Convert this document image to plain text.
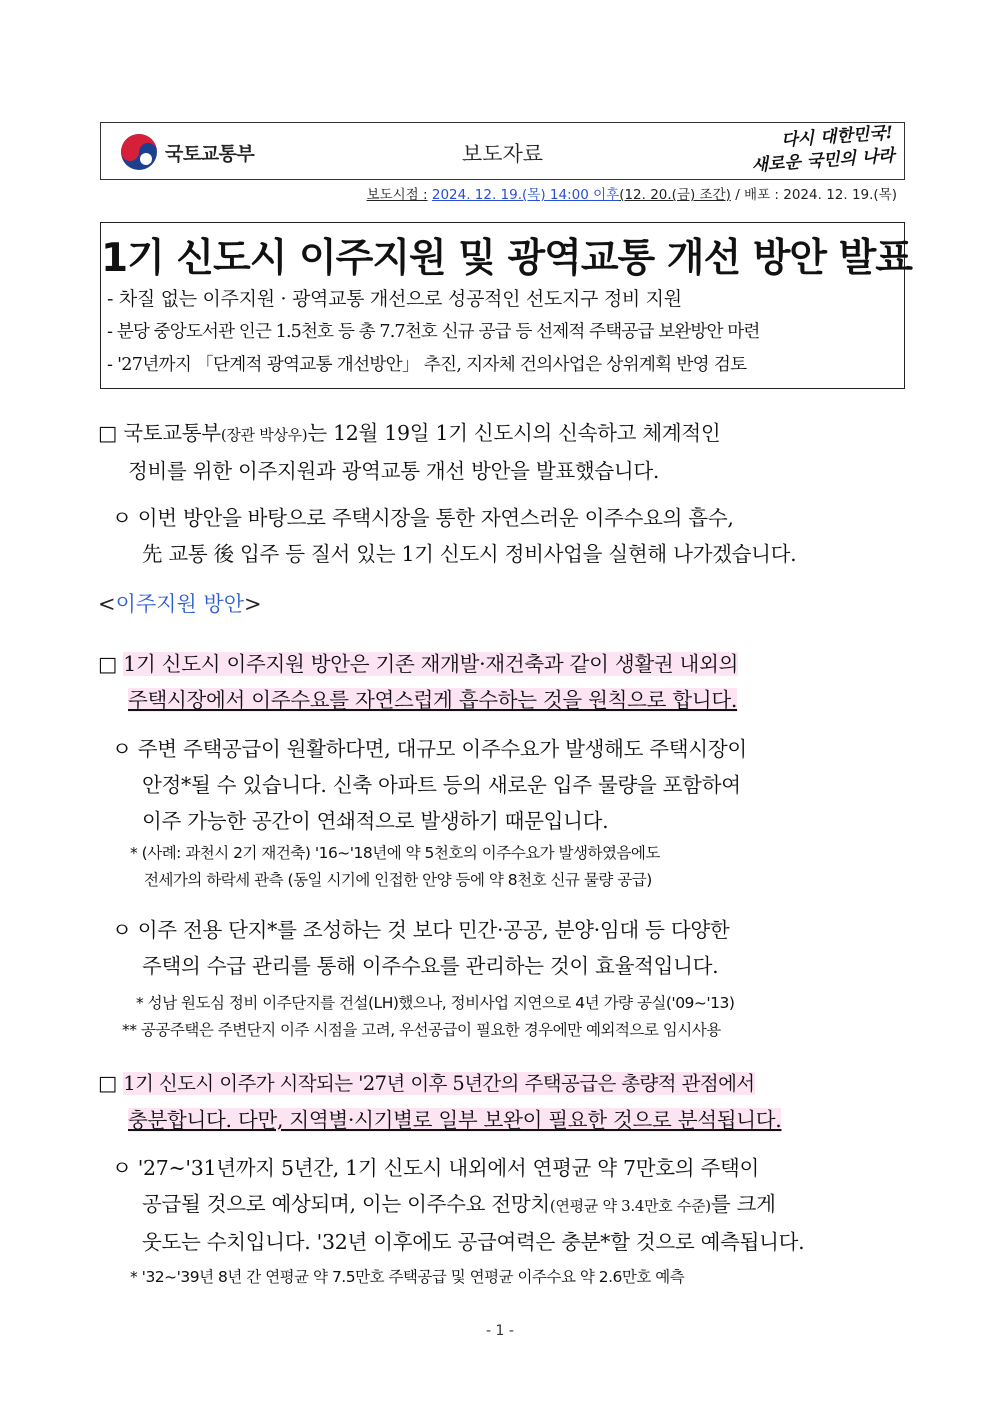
국토교통부	보도자료
다시 대한민국!
새로운 국민의 나라
보도시점 : 2024. 12. 19.(목) 14:00 이후(12. 20.(금) 조간) / 배포 : 2024. 12. 19.(목)
1기 신도시 이주지원 및 광역교통 개선 방안 발표
- 차질 없는 이주지원 · 광역교통 개선으로 성공적인 선도지구 정비 지원
- 분당 중앙도서관 인근 1.5천호 등 총 7.7천호 신규 공급 등 선제적 주택공급 보완방안 마련
- '27년까지 「단계적 광역교통 개선방안」 추진, 지자체 건의사업은 상위계획 반영 검토
□ 국토교통부(장관 박상우)는 12월 19일 1기 신도시의 신속하고 체계적인
정비를 위한 이주지원과 광역교통 개선 방안을 발표했습니다.
ㅇ 이번 방안을 바탕으로 주택시장을 통한 자연스러운 이주수요의 흡수,
先 교통 後 입주 등 질서 있는 1기 신도시 정비사업을 실현해 나가겠습니다.
<이주지원 방안>
□ 1기 신도시 이주지원 방안은 기존 재개발·재건축과 같이 생활권 내외의
주택시장에서 이주수요를 자연스럽게 흡수하는 것을 원칙으로 합니다.
ㅇ 주변 주택공급이 원활하다면, 대규모 이주수요가 발생해도 주택시장이
안정*될 수 있습니다. 신축 아파트 등의 새로운 입주 물량을 포함하여
이주 가능한 공간이 연쇄적으로 발생하기 때문입니다.
* (사례: 과천시 2기 재건축) '16~'18년에 약 5천호의 이주수요가 발생하였음에도
전세가의 하락세 관측 (동일 시기에 인접한 안양 등에 약 8천호 신규 물량 공급)
ㅇ 이주 전용 단지*를 조성하는 것 보다 민간·공공, 분양·임대 등 다양한
주택의 수급 관리를 통해 이주수요를 관리하는 것이 효율적입니다.
* 성남 원도심 정비 이주단지를 건설(LH)했으나, 정비사업 지연으로 4년 가량 공실('09~'13)
** 공공주택은 주변단지 이주 시점을 고려, 우선공급이 필요한 경우에만 예외적으로 임시사용
□ 1기 신도시 이주가 시작되는 '27년 이후 5년간의 주택공급은 총량적 관점에서
충분합니다. 다만, 지역별·시기별로 일부 보완이 필요한 것으로 분석됩니다.
ㅇ '27~'31년까지 5년간, 1기 신도시 내외에서 연평균 약 7만호의 주택이
공급될 것으로 예상되며, 이는 이주수요 전망치(연평균 약 3.4만호 수준)를 크게
웃도는 수치입니다. '32년 이후에도 공급여력은 충분*할 것으로 예측됩니다.
* '32~'39년 8년 간 연평균 약 7.5만호 주택공급 및 연평균 이주수요 약 2.6만호 예측
- 1 -
